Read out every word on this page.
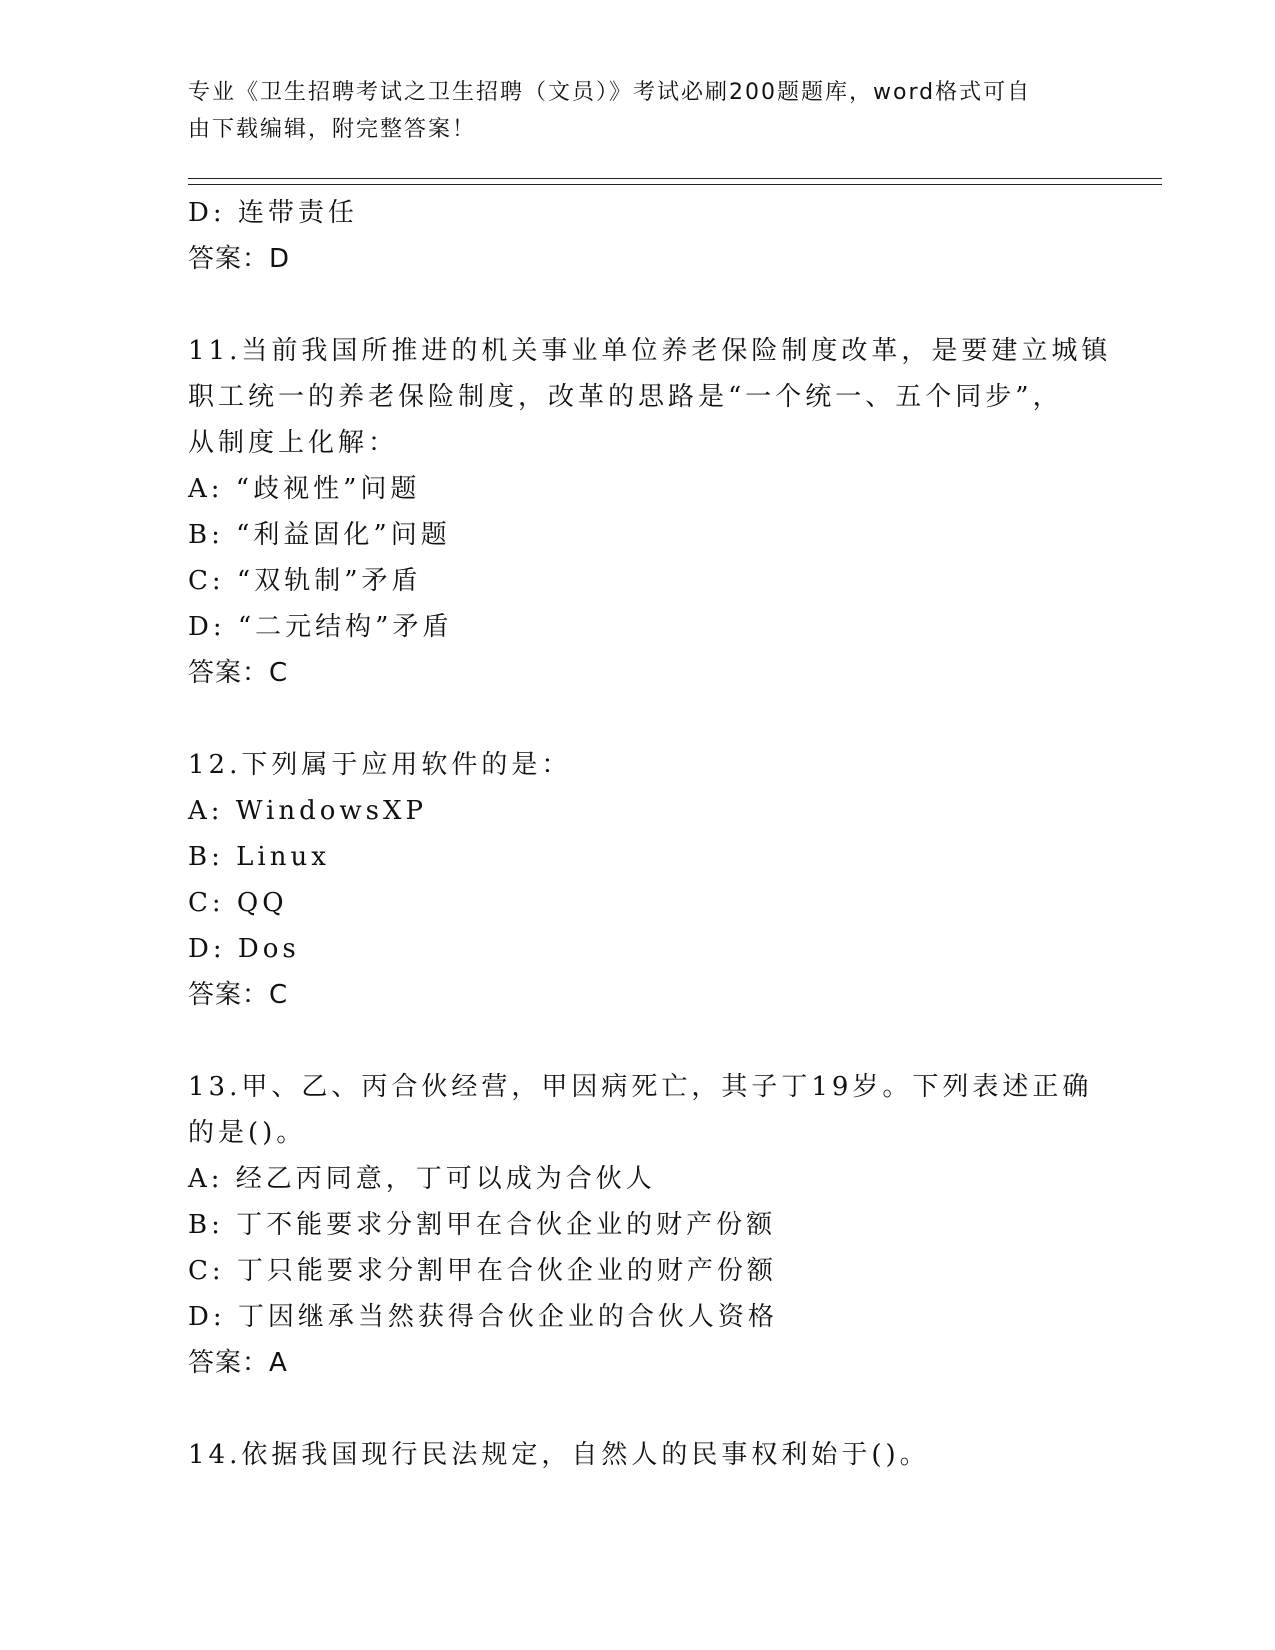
专业《卫生招聘考试之卫生招聘（文员）》考试必刷200题题库，word格式可自
由下载编辑，附完整答案！
D: 连带责任
答案：D
11.当前我国所推进的机关事业单位养老保险制度改革，是要建立城镇
职工统一的养老保险制度，改革的思路是“一个统一、五个同步”，
从制度上化解：
A: “歧视性”问题
B: “利益固化”问题
C: “双轨制”矛盾
D: “二元结构”矛盾
答案：C
12.下列属于应用软件的是：
A: WindowsXP
B: Linux
C: QQ
D: Dos
答案：C
13.甲、乙、丙合伙经营，甲因病死亡，其子丁19岁。下列表述正确
的是()。
A: 经乙丙同意，丁可以成为合伙人
B: 丁不能要求分割甲在合伙企业的财产份额
C: 丁只能要求分割甲在合伙企业的财产份额
D: 丁因继承当然获得合伙企业的合伙人资格
答案：A
14.依据我国现行民法规定，自然人的民事权利始于()。
